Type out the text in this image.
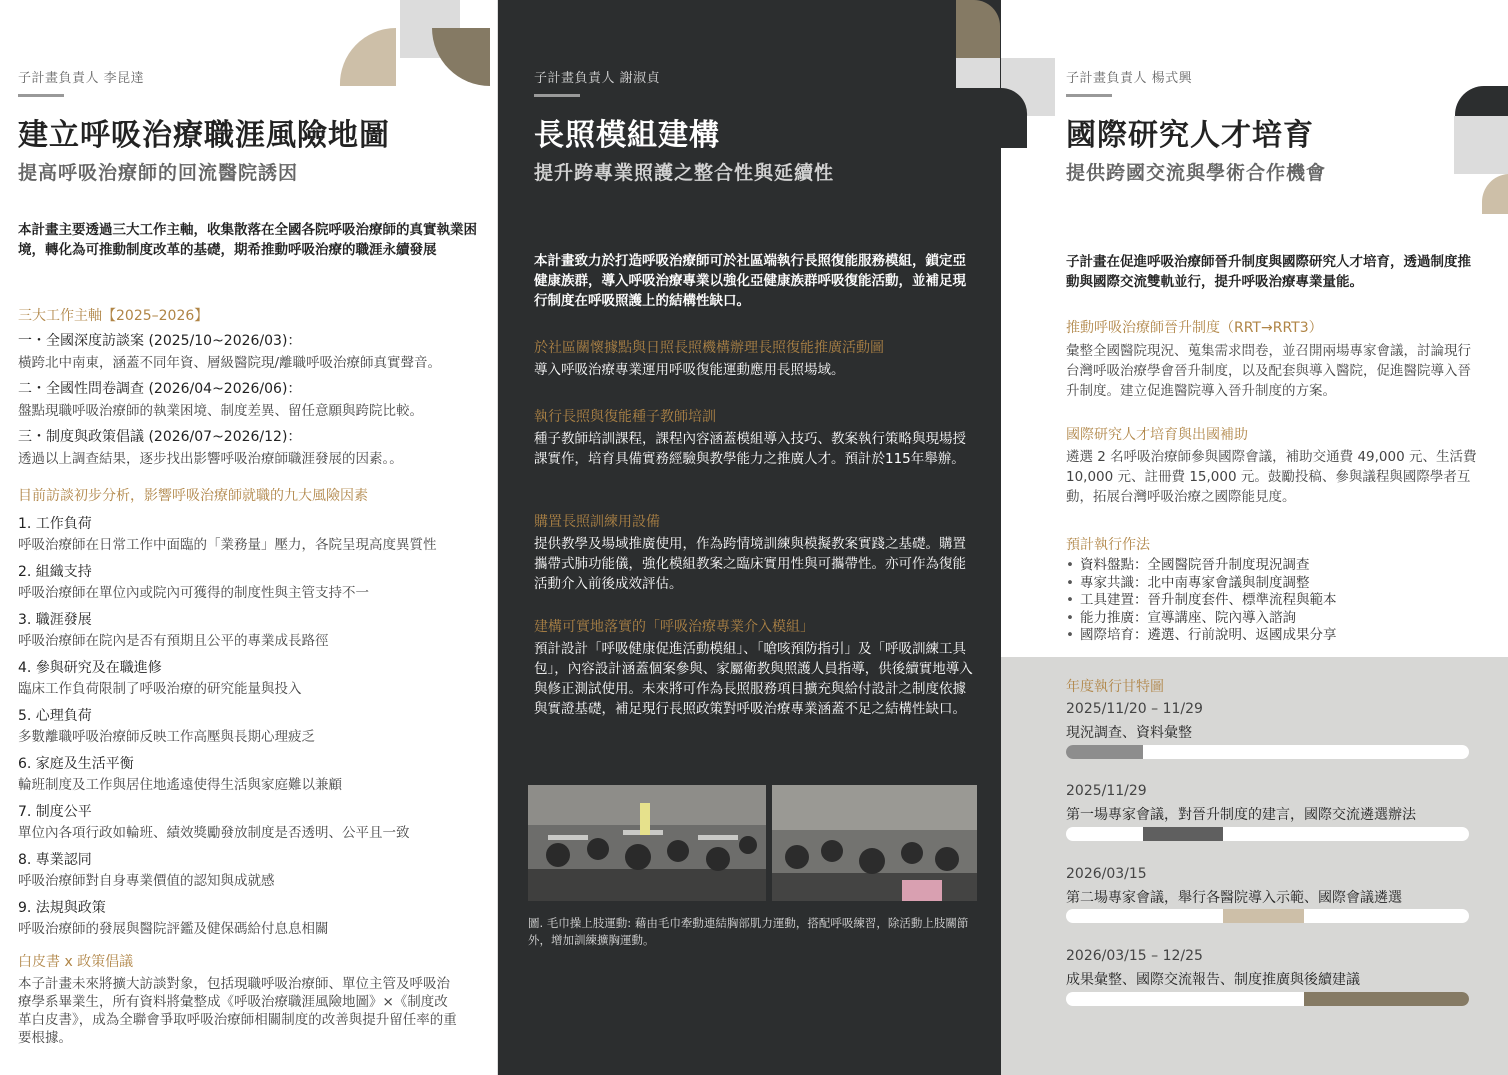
子計畫負責人 李昆達
建立呼吸治療職涯風險地圖
提高呼吸治療師的回流醫院誘因
本計畫主要透過三大工作主軸，收集散落在全國各院呼吸治療師的真實執業困境，轉化為可推動制度改革的基礎，期希推動呼吸治療的職涯永續發展
三大工作主軸【2025–2026】
一・全國深度訪談案 (2025/10~2026/03)：
橫跨北中南東，涵蓋不同年資、層級醫院現/離職呼吸治療師真實聲音。
二・全國性問卷調查 (2026/04~2026/06)：
盤點現職呼吸治療師的執業困境、制度差異、留任意願與跨院比較。
三・制度與政策倡議 (2026/07~2026/12)：
透過以上調查結果，逐步找出影響呼吸治療師職涯發展的因素。。
目前訪談初步分析，影響呼吸治療師就職的九大風險因素
1. 工作負荷
呼吸治療師在日常工作中面臨的「業務量」壓力，各院呈現高度異質性
2. 組織支持
呼吸治療師在單位內或院內可獲得的制度性與主管支持不一
3. 職涯發展
呼吸治療師在院內是否有預期且公平的專業成長路徑
4. 參與研究及在職進修
臨床工作負荷限制了呼吸治療的研究能量與投入
5. 心理負荷
多數離職呼吸治療師反映工作高壓與長期心理疲乏
6. 家庭及生活平衡
輪班制度及工作與居住地遙遠使得生活與家庭難以兼顧
7. 制度公平
單位內各項行政如輪班、績效獎勵發放制度是否透明、公平且一致
8. 專業認同
呼吸治療師對自身專業價值的認知與成就感
9. 法規與政策
呼吸治療師的發展與醫院評鑑及健保碼給付息息相關
白皮書 x 政策倡議
本子計畫未來將擴大訪談對象，包括現職呼吸治療師、單位主管及呼吸治療學系畢業生，所有資料將彙整成《呼吸治療職涯風險地圖》×《制度改革白皮書》，成為全聯會爭取呼吸治療師相關制度的改善與提升留任率的重要根據。
子計畫負責人 謝淑貞
長照模組建構
提升跨專業照護之整合性與延續性
本計畫致力於打造呼吸治療師可於社區端執行長照復能服務模組，鎖定亞健康族群，導入呼吸治療專業以強化亞健康族群呼吸復能活動，並補足現行制度在呼吸照護上的結構性缺口。
於社區關懷據點與日照長照機構辦理長照復能推廣活動圖
導入呼吸治療專業運用呼吸復能運動應用長照場域。
執行長照與復能種子教師培訓
種子教師培訓課程，課程內容涵蓋模組導入技巧、教案執行策略與現場授課實作，培育具備實務經驗與教學能力之推廣人才。預計於115年舉辦。
購置長照訓練用設備
提供教學及場域推廣使用，作為跨情境訓練與模擬教案實踐之基礎。購置攜帶式肺功能儀，強化模組教案之臨床實用性與可攜帶性。亦可作為復能活動介入前後成效評估。
建構可實地落實的「呼吸治療專業介入模組」
預計設計「呼吸健康促進活動模組」、「嗆咳預防指引」及「呼吸訓練工具包」，內容設計涵蓋個案參與、家屬衛教與照護人員指導，供後續實地導入與修正測試使用。未來將可作為長照服務項目擴充與給付設計之制度依據與實證基礎，補足現行長照政策對呼吸治療專業涵蓋不足之結構性缺口。
圖. 毛巾操上肢運動: 藉由毛巾牽動連結胸部肌力運動，搭配呼吸練習，除活動上肢關節外，增加訓練擴胸運動。
子計畫負責人 楊式興
國際研究人才培育
提供跨國交流與學術合作機會
子計畫在促進呼吸治療師晉升制度與國際研究人才培育，透過制度推動與國際交流雙軌並行，提升呼吸治療專業量能。
推動呼吸治療師晉升制度（RRT→RRT3）
彙整全國醫院現況、蒐集需求問卷，並召開兩場專家會議，討論現行台灣呼吸治療學會晉升制度，以及配套與導入醫院，促進醫院導入晉升制度。建立促進醫院導入晉升制度的方案。
國際研究人才培育與出國補助
遴選 2 名呼吸治療師參與國際會議，補助交通費 49,000 元、生活費 10,000 元、註冊費 15,000 元。鼓勵投稿、參與議程與國際學者互動，拓展台灣呼吸治療之國際能見度。
預計執行作法
• 資料盤點：全國醫院晉升制度現況調查
• 專家共識：北中南專家會議與制度調整
• 工具建置：晉升制度套件、標準流程與範本
• 能力推廣：宣導講座、院內導入諮詢
• 國際培育：遴選、行前說明、返國成果分享
年度執行甘特圖
2025/11/20 – 11/29
現況調查、資料彙整
2025/11/29
第一場專家會議，對晉升制度的建言，國際交流遴選辦法
2026/03/15
第二場專家會議，舉行各醫院導入示範、國際會議遴選
2026/03/15 – 12/25
成果彙整、國際交流報告、制度推廣與後續建議
